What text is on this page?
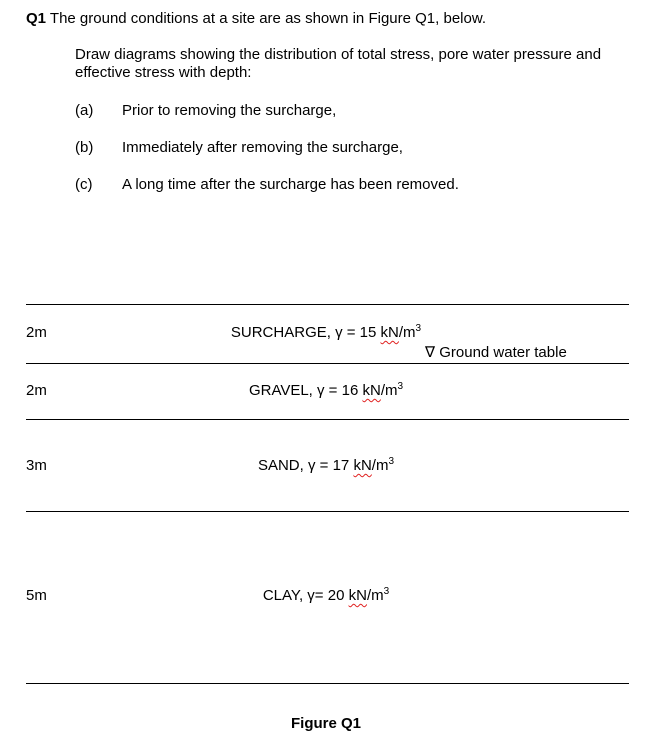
Q1 The ground conditions at a site are as shown in Figure Q1, below.
Draw diagrams showing the distribution of total stress, pore water pressure and
effective stress with depth:
(a) Prior to removing the surcharge,
(b) Immediately after removing the surcharge,
(c) A long time after the surcharge has been removed.
2m	SURCHARGE, γ = 15 $kN/m^3$
∇ Ground water table
2m	GRAVEL, γ = 16 $kN/m^3$
3m	SAND, γ = 17 $kN/m^3$
5m	CLAY, γ= 20 $kN/m^3$
Figure Q1
